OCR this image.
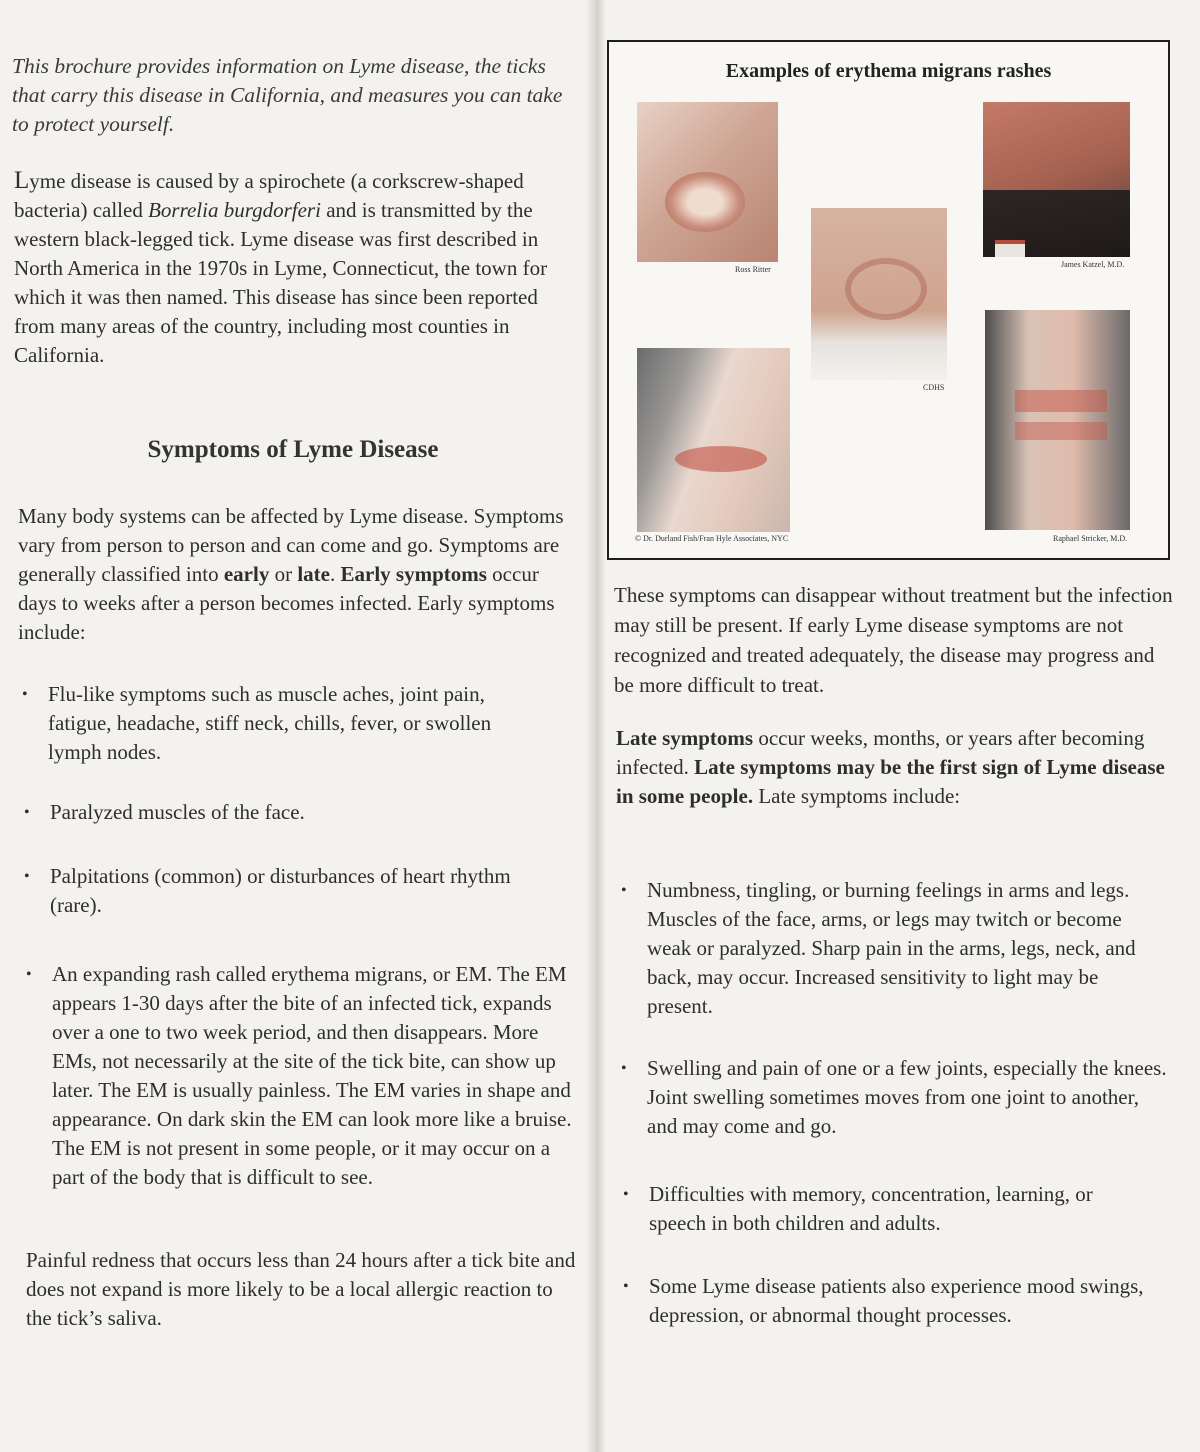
This brochure provides information on Lyme disease, the ticks that carry this disease in California, and measures you can take to protect yourself.

Lyme disease is caused by a spirochete (a corkscrew-shaped bacteria) called Borrelia burgdorferi and is transmitted by the western black-legged tick. Lyme disease was first described in North America in the 1970s in Lyme, Connecticut, the town for which it was then named. This disease has since been reported from many areas of the country, including most counties in California.

Symptoms of Lyme Disease

Many body systems can be affected by Lyme disease. Symptoms vary from person to person and can come and go. Symptoms are generally classified into early or late. Early symptoms occur days to weeks after a person becomes infected. Early symptoms include:

• Flu-like symptoms such as muscle aches, joint pain, fatigue, headache, stiff neck, chills, fever, or swollen lymph nodes.
• Paralyzed muscles of the face.
• Palpitations (common) or disturbances of heart rhythm (rare).
• An expanding rash called erythema migrans, or EM. The EM appears 1-30 days after the bite of an infected tick, expands over a one to two week period, and then disappears. More EMs, not necessarily at the site of the tick bite, can show up later. The EM is usually painless. The EM varies in shape and appearance. On dark skin the EM can look more like a bruise. The EM is not present in some people, or it may occur on a part of the body that is difficult to see.

Painful redness that occurs less than 24 hours after a tick bite and does not expand is more likely to be a local allergic reaction to the tick’s saliva.

Examples of erythema migrans rashes
Ross Ritter
CDHS
James Katzel, M.D.
© Dr. Durland Fish/Fran Hyle Associates, NYC	Raphael Stricker, M.D.

These symptoms can disappear without treatment but the infection may still be present. If early Lyme disease symptoms are not recognized and treated adequately, the disease may progress and be more difficult to treat.

Late symptoms occur weeks, months, or years after becoming infected. Late symptoms may be the first sign of Lyme disease in some people. Late symptoms include:

• Numbness, tingling, or burning feelings in arms and legs. Muscles of the face, arms, or legs may twitch or become weak or paralyzed. Sharp pain in the arms, legs, neck, and back, may occur. Increased sensitivity to light may be present.
• Swelling and pain of one or a few joints, especially the knees. Joint swelling sometimes moves from one joint to another, and may come and go.
• Difficulties with memory, concentration, learning, or speech in both children and adults.
• Some Lyme disease patients also experience mood swings, depression, or abnormal thought processes.
